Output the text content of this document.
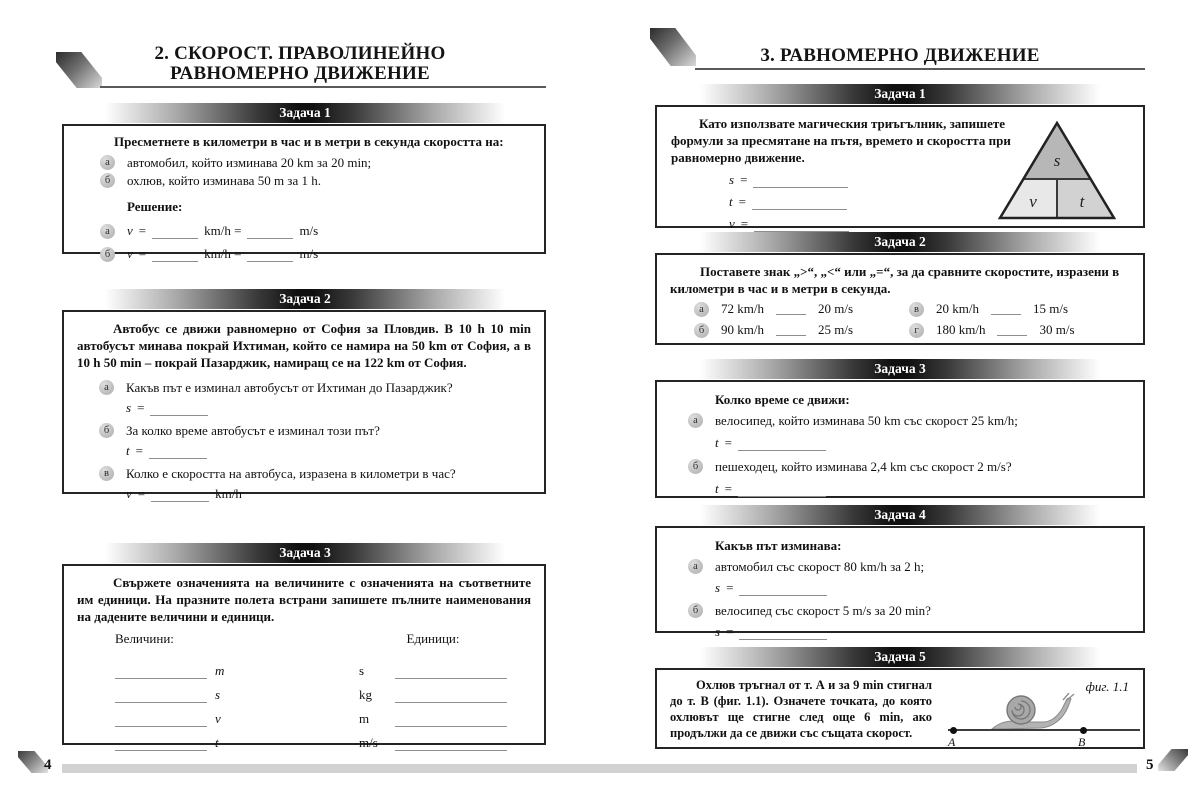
2. СКОРОСТ. ПРАВОЛИНЕЙНО
РАВНОМЕРНО ДВИЖЕНИЕ
Задача 1
Пресметнете в километри в час и в метри в секунда скоростта на:
а	автомобил, който изминава 20 km за 20 min;
б	охлюв, който изминава 50 m за 1 h.
Решение:
а	v =	km/h =	m/s
б	v =	km/h =	m/s
Задача 2
Автобус се движи равномерно от София за Пловдив. В 10 h 10 min автобусът минава покрай Ихтиман, който се намира на 50 km от София, а в 10 h 50 min – покрай Пазарджик, намиращ се на 122 km от София.
а	Какъв път е изминал автобусът от Ихтиман до Пазарджик?
s =
б	За колко време автобусът е изминал този път?
t =
в	Колко е скоростта на автобуса, изразена в километри в час?
v =	km/h
Задача 3
Свържете означенията на величините с означенията на съответните им единици. На празните полета встрани запишете пълните наименования на дадените величини и единици.
Величини:
m
s
v
t
Единици:
s
kg
m
m/s
3. РАВНОМЕРНО ДВИЖЕНИЕ
Задача 1
Като използвате магическия триъгълник, запишете формули за пресмятане на пътя, времето и скоростта при равномерно движение.
s =
t =
v =
s
v	t
Задача 2
Поставете знак „>“, „<“ или „=“, за да сравните скоростите, изразени в километри в час и в метри в секунда.
а	72 km/h	20 m/s
б	90 km/h	25 m/s
в	20 km/h	15 m/s
г	180 km/h	30 m/s
Задача 3
Колко време се движи:
а	велосипед, който изминава 50 km със скорост 25 km/h;
t =
б	пешеходец, който изминава 2,4 km със скорост 2 m/s?
t =
Задача 4
Какъв път изминава:
а	автомобил със скорост 80 km/h за 2 h;
s =
б	велосипед със скорост 5 m/s за 20 min?
s =
Задача 5
Охлюв тръгнал от т. А и за 9 min стигнал до т. В (фиг. 1.1). Означете точката, до която охлювът ще стигне след още 6 min, ако продължи да се движи със същата скорост.
фиг. 1.1
A	B
4	5
